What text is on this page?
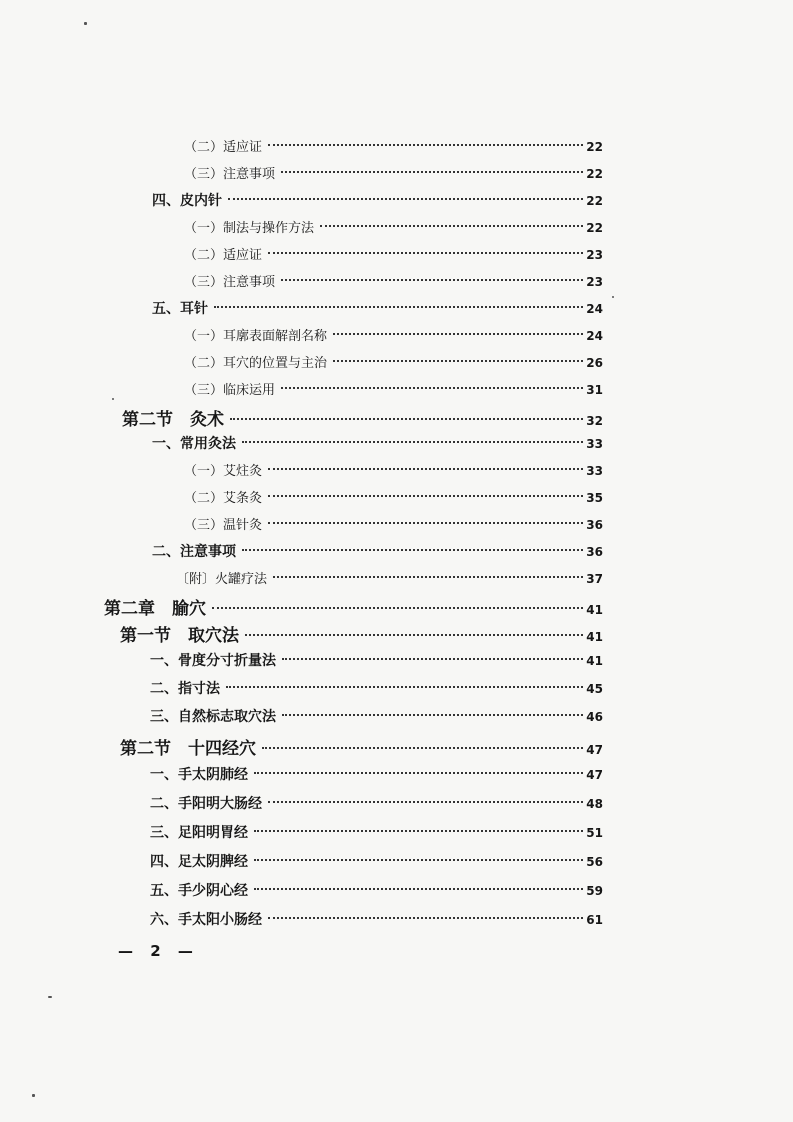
（二）适应证	22
（三）注意事项	22
四、皮内针	22
（一）制法与操作方法	22
（二）适应证	23
（三）注意事项	23
五、耳针	24
（一）耳廓表面解剖名称	24
（二）耳穴的位置与主治	26
（三）临床运用	31
第二节　灸术	32
一、常用灸法	33
（一）艾炷灸	33
（二）艾条灸	35
（三）温针灸	36
二、注意事项	36
〔附〕火罐疗法	37
第二章　腧穴	41
第一节　取穴法	41
一、骨度分寸折量法	41
二、指寸法	45
三、自然标志取穴法	46
第二节　十四经穴	47
一、手太阴肺经	47
二、手阳明大肠经	48
三、足阳明胃经	51
四、足太阴脾经	56
五、手少阴心经	59
六、手太阳小肠经	61
— 2 —
